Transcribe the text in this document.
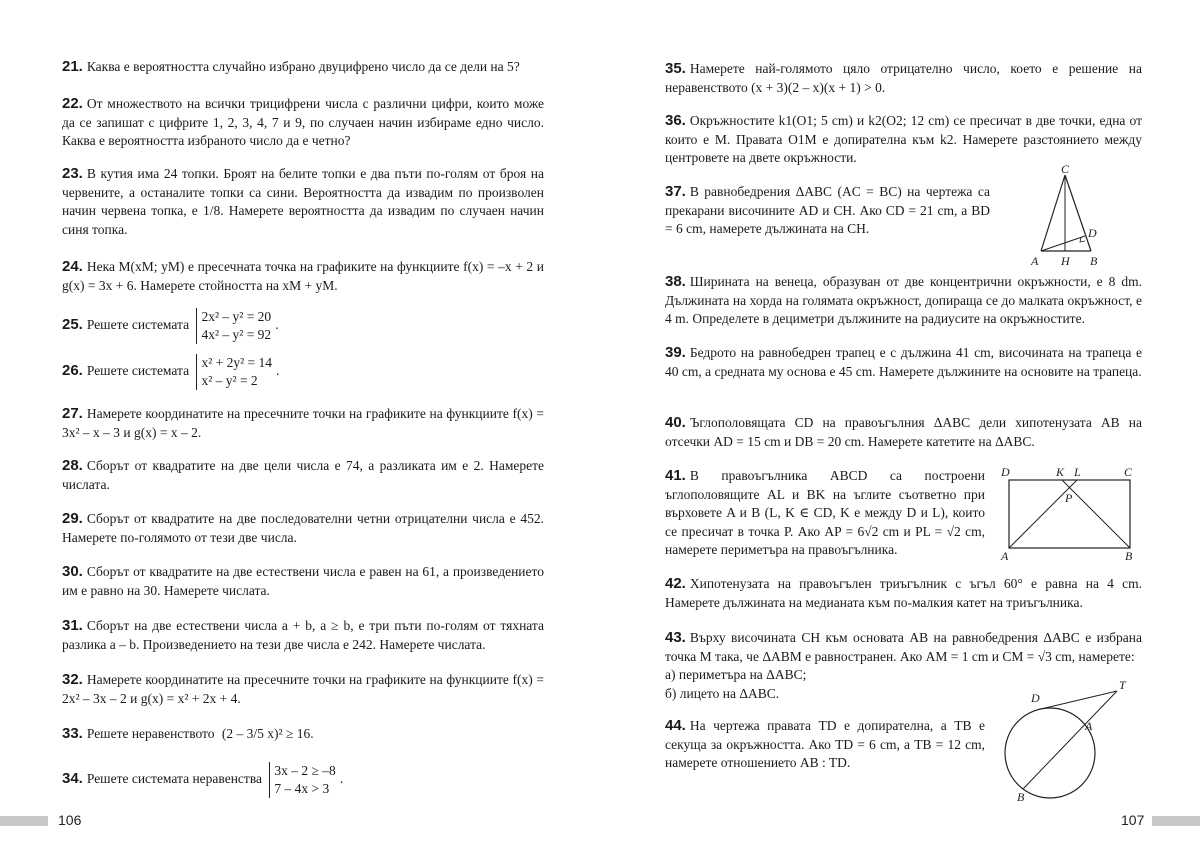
21. Каква е вероятността случайно избрано двуцифрено число да се дели на 5?
22. От множеството на всички трицифрени числа с различни цифри, които може да се запишат с цифрите 1, 2, 3, 4, 7 и 9, по случаен начин избираме едно число. Каква е вероятността избраното число да е четно?
23. В кутия има 24 топки. Броят на белите топки е два пъти по-голям от броя на червените, а останалите топки са сини. Вероятността да извадим по произволен начин червена топка, е 1/8. Намерете вероятността да извадим по случаен начин синя топка.
24. Нека M(xM; yM) е пресечната точка на графиките на функциите f(x) = –x + 2 и g(x) = 3x + 6. Намерете стойността на xM + yM.
25. Решете системата 2x² – y² = 20
4x² – y² = 92.
26. Решете системата x² + 2y² = 14
x² – y² = 2.
27. Намерете координатите на пресечните точки на графиките на функциите f(x) = 3x² – x – 3 и g(x) = x – 2.
28. Сборът от квадратите на две цели числа е 74, а разликата им е 2. Намерете числата.
29. Сборът от квадратите на две последователни четни отрицателни числа е 452. Намерете по-голямото от тези две числа.
30. Сборът от квадратите на две естествени числа е равен на 61, а произведението им е равно на 30. Намерете числата.
31. Сборът на две естествени числа a + b, a ≥ b, е три пъти по-голям от тяхната разлика a – b. Произведението на тези две числа е 242. Намерете числата.
32. Намерете координатите на пресечните точки на графиките на функциите f(x) = 2x² – 3x – 2 и g(x) = x² + 2x + 4.
33. Решете неравенството (2 – 3/5 x)² ≥ 16.
34. Решете системата неравенства 3x – 2 ≥ –8
7 – 4x > 3.
106
35. Намерете най-голямото цяло отрицателно число, което е решение на неравенството (x + 3)(2 – x)(x + 1) > 0.
36. Окръжностите k1(O1; 5 cm) и k2(O2; 12 cm) се пресичат в две точки, една от които е M. Правата O1M е допирателна към k2. Намерете разстоянието между центровете на двете окръжности.
37. В равнобедрения ΔABC (AC = BC) на чертежа са прекарани височините AD и CH. Ако CD = 21 cm, а BD = 6 cm, намерете дължината на CH.
C
D
A H B
38. Ширината на венеца, образуван от две концентрични окръжности, е 8 dm. Дължината на хорда на голямата окръжност, допираща се до малката окръжност, е 4 m. Определете в дециметри дължините на радиусите на окръжностите.
39. Бедрото на равнобедрен трапец е с дължина 41 cm, височината на трапеца е 40 cm, а средната му основа е 45 cm. Намерете дължините на основите на трапеца.
40. Ъглополовящата CD на правоъгълния ΔABC дели хипотенузата AB на отсечки AD = 15 cm и DB = 20 cm. Намерете катетите на ΔABC.
41. В правоъгълника ABCD са построени ъглополовящите AL и BK на ъглите съответно при върховете A и B (L, K ∈ CD, K е между D и L), които се пресичат в точка P. Ако AP = 6√2 cm и PL = √2 cm, намерете периметъра на правоъгълника.
D	K L	C
P
A	B
42. Хипотенузата на правоъгълен триъгълник с ъгъл 60° е равна на 4 cm. Намерете дължината на медианата към по-малкия катет на триъгълника.
43. Върху височината CH към основата AB на равнобедрения ΔABC е избрана точка M така, че ΔABM е равностранен. Ако AM = 1 cm и CM = √3 cm, намерете:
а) периметъра на ΔABC;
б) лицето на ΔABC.
44. На чертежа правата TD е допирателна, а TB е секуща за окръжността. Ако TD = 6 cm, а TB = 12 cm, намерете отношението AB : TD.
D
T
A
B
107
